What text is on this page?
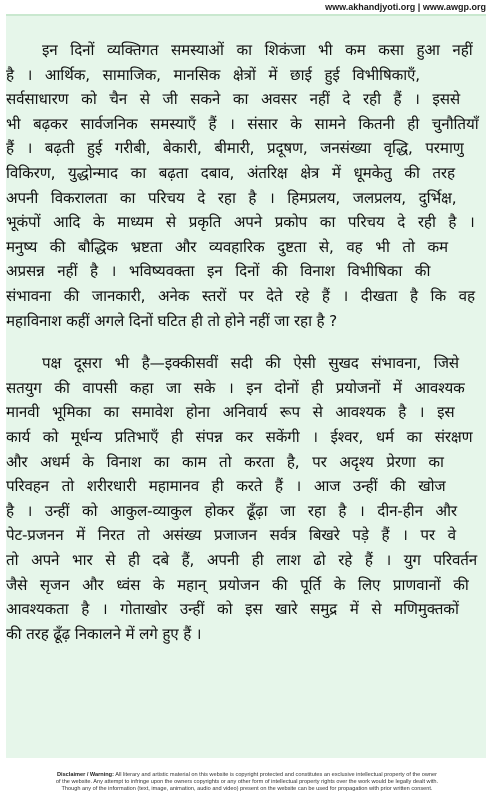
www.akhandjyoti.org | www.awgp.org
इन दिनों व्यक्तिगत समस्याओं का शिकंजा भी कम कसा हुआ नहीं
है । आर्थिक, सामाजिक, मानसिक क्षेत्रों में छाई हुई विभीषिकाएँ,
सर्वसाधारण को चैन से जी सकने का अवसर नहीं दे रही हैं । इससे
भी बढ़कर सार्वजनिक समस्याएँ हैं । संसार के सामने कितनी ही चुनौतियाँ
हैं । बढ़ती हुई गरीबी, बेकारी, बीमारी, प्रदूषण, जनसंख्या वृद्धि, परमाणु
विकिरण, युद्धोन्माद का बढ़ता दबाव, अंतरिक्ष क्षेत्र में धूमकेतु की तरह
अपनी विकरालता का परिचय दे रहा है । हिमप्रलय, जलप्रलय, दुर्भिक्ष,
भूकंपों आदि के माध्यम से प्रकृति अपने प्रकोप का परिचय दे रही है ।
मनुष्य की बौद्धिक भ्रष्टता और व्यवहारिक दुष्टता से, वह भी तो कम
अप्रसन्न नहीं है । भविष्यवक्ता इन दिनों की विनाश विभीषिका की
संभावना की जानकारी, अनेक स्तरों पर देते रहे हैं । दीखता है कि वह
महाविनाश कहीं अगले दिनों घटित ही तो होने नहीं जा रहा है ?
पक्ष दूसरा भी है—इक्कीसवीं सदी की ऐसी सुखद संभावना, जिसे
सतयुग की वापसी कहा जा सके । इन दोनों ही प्रयोजनों में आवश्यक
मानवी भूमिका का समावेश होना अनिवार्य रूप से आवश्यक है । इस
कार्य को मूर्धन्य प्रतिभाएँ ही संपन्न कर सकेंगी । ईश्वर, धर्म का संरक्षण
और अधर्म के विनाश का काम तो करता है, पर अदृश्य प्रेरणा का
परिवहन तो शरीरधारी महामानव ही करते हैं । आज उन्हीं की खोज
है । उन्हीं को आकुल-व्याकुल होकर ढूँढ़ा जा रहा है । दीन-हीन और
पेट-प्रजनन में निरत तो असंख्य प्रजाजन सर्वत्र बिखरे पड़े हैं । पर वे
तो अपने भार से ही दबे हैं, अपनी ही लाश ढो रहे हैं । युग परिवर्तन
जैसे सृजन और ध्वंस के महान् प्रयोजन की पूर्ति के लिए प्राणवानों की
आवश्यकता है । गोताखोर उन्हीं को इस खारे समुद्र में से मणिमुक्तकों
की तरह ढूँढ़ निकालने में लगे हुए हैं ।
Disclaimer / Warning: All literary and artistic material on this website is copyright protected and constitutes an exclusive intellectual property of the owner
of the website. Any attempt to infringe upon the owners copyrights or any other form of intellectual property rights over the work would be legally dealt with.
Though any of the information (text, image, animation, audio and video) present on the website can be used for propagation with prior written consent.
